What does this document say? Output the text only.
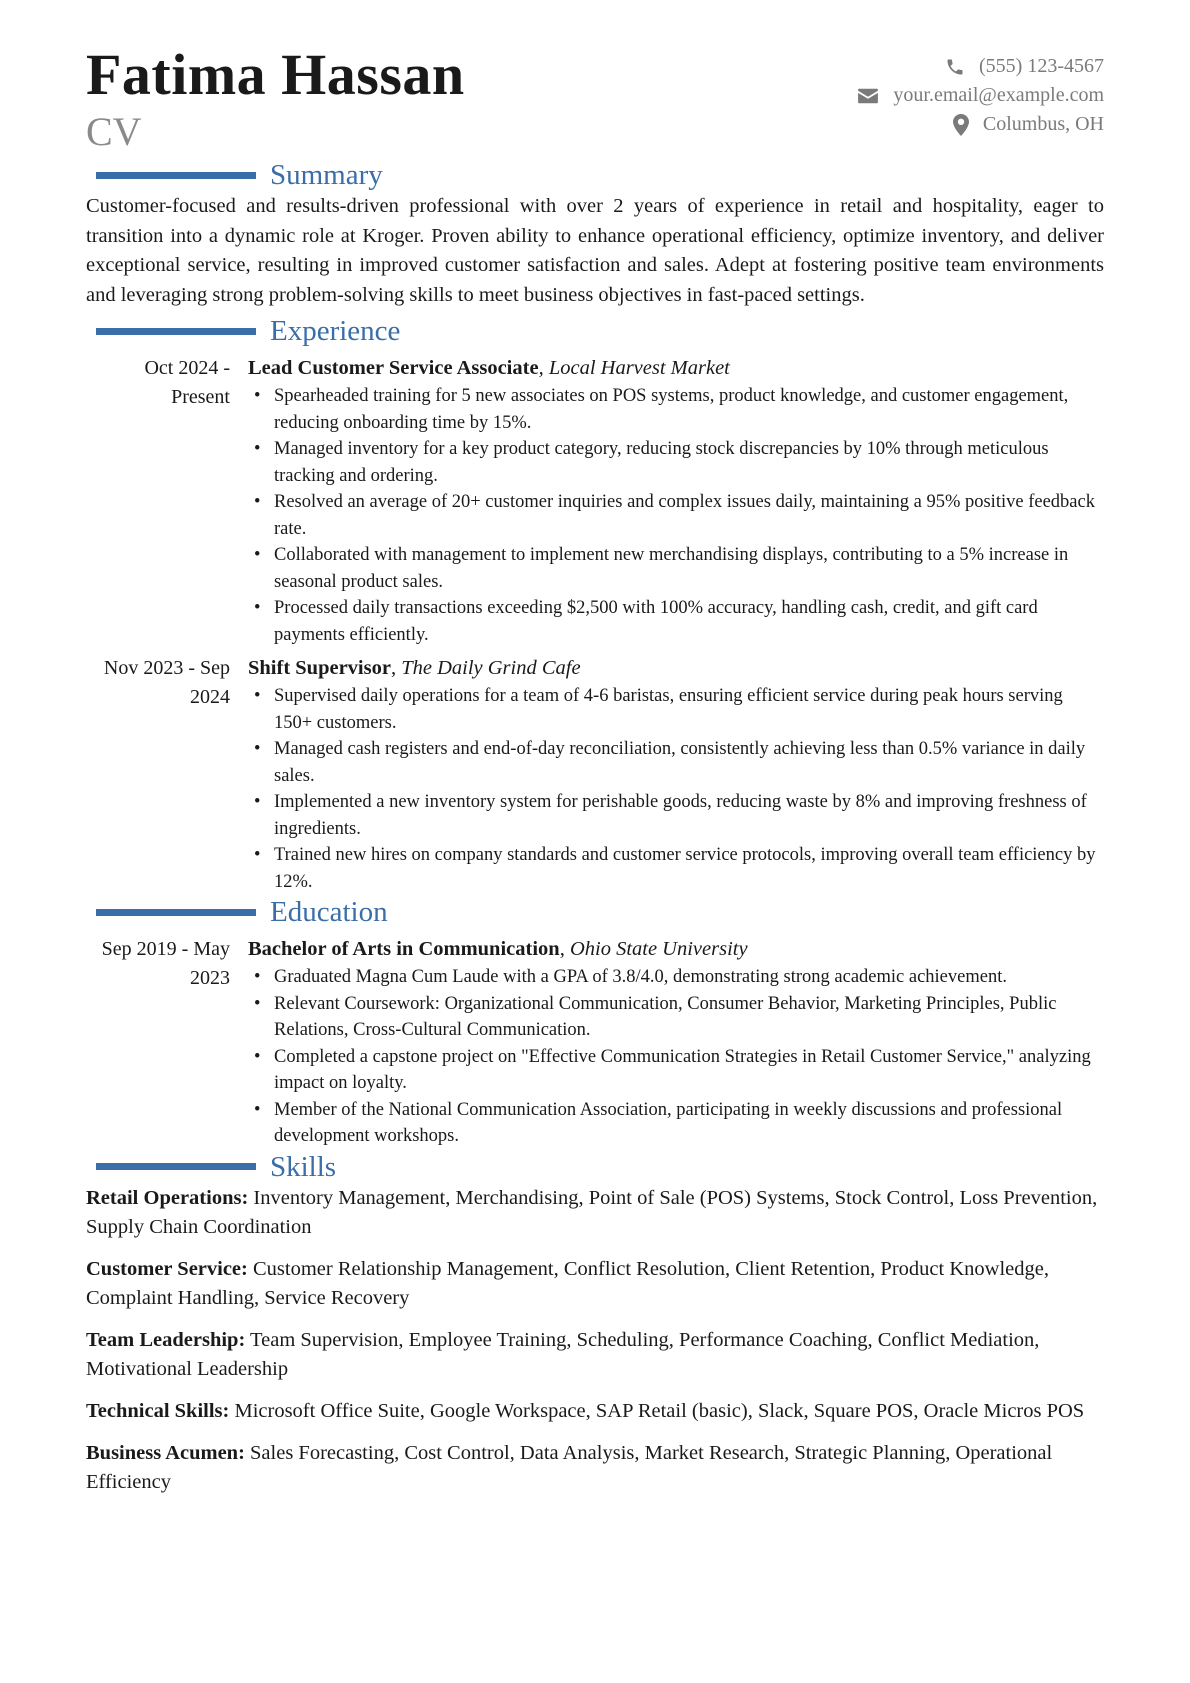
Fatima Hassan
CV
(555) 123-4567
your.email@example.com
Columbus, OH
Summary

Customer-focused and results-driven professional with over 2 years of experience in retail and hospitality, eager to transition into a dynamic role at Kroger. Proven ability to enhance operational efficiency, optimize inventory, and deliver exceptional service, resulting in improved customer satisfaction and sales. Adept at fostering positive team environments and leveraging strong problem-solving skills to meet business objectives in fast-paced settings.

Experience
Oct 2024 - Present
Lead Customer Service Associate, Local Harvest Market
• Spearheaded training for 5 new associates on POS systems, product knowledge, and customer engagement, reducing onboarding time by 15%.
• Managed inventory for a key product category, reducing stock discrepancies by 10% through meticulous tracking and ordering.
• Resolved an average of 20+ customer inquiries and complex issues daily, maintaining a 95% positive feedback rate.
• Collaborated with management to implement new merchandising displays, contributing to a 5% increase in seasonal product sales.
• Processed daily transactions exceeding $2,500 with 100% accuracy, handling cash, credit, and gift card payments efficiently.
Nov 2023 - Sep 2024
Shift Supervisor, The Daily Grind Cafe
• Supervised daily operations for a team of 4-6 baristas, ensuring efficient service during peak hours serving 150+ customers.
• Managed cash registers and end-of-day reconciliation, consistently achieving less than 0.5% variance in daily sales.
• Implemented a new inventory system for perishable goods, reducing waste by 8% and improving freshness of ingredients.
• Trained new hires on company standards and customer service protocols, improving overall team efficiency by 12%.
Education
Sep 2019 - May 2023
Bachelor of Arts in Communication, Ohio State University
• Graduated Magna Cum Laude with a GPA of 3.8/4.0, demonstrating strong academic achievement.
• Relevant Coursework: Organizational Communication, Consumer Behavior, Marketing Principles, Public Relations, Cross-Cultural Communication.
• Completed a capstone project on "Effective Communication Strategies in Retail Customer Service," analyzing impact on loyalty.
• Member of the National Communication Association, participating in weekly discussions and professional development workshops.
Skills
Retail Operations: Inventory Management, Merchandising, Point of Sale (POS) Systems, Stock Control, Loss Prevention, Supply Chain Coordination
Customer Service: Customer Relationship Management, Conflict Resolution, Client Retention, Product Knowledge, Complaint Handling, Service Recovery
Team Leadership: Team Supervision, Employee Training, Scheduling, Performance Coaching, Conflict Mediation, Motivational Leadership
Technical Skills: Microsoft Office Suite, Google Workspace, SAP Retail (basic), Slack, Square POS, Oracle Micros POS
Business Acumen: Sales Forecasting, Cost Control, Data Analysis, Market Research, Strategic Planning, Operational Efficiency
